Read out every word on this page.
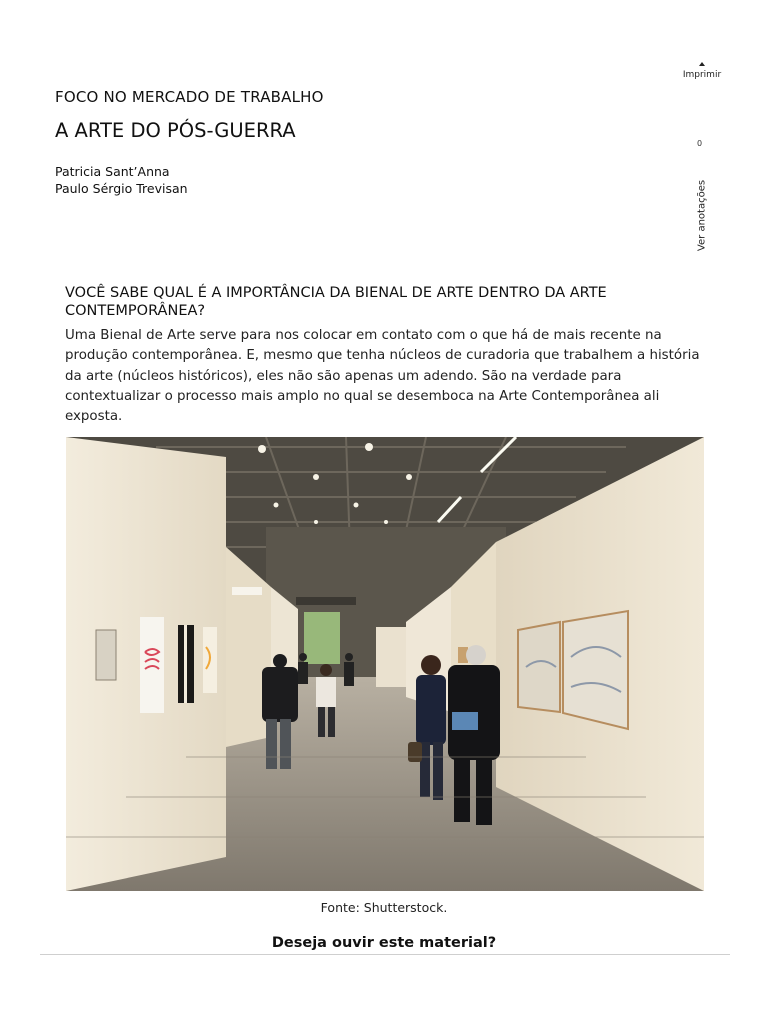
FOCO NO MERCADO DE TRABALHO
A ARTE DO PÓS-GUERRA
Patricia Sant’Anna
Paulo Sérgio Trevisan
Imprimir
0
Ver anotações
VOCÊ SABE QUAL É A IMPORTÂNCIA DA BIENAL DE ARTE DENTRO DA ARTE CONTEMPORÂNEA?
Uma Bienal de Arte serve para nos colocar em contato com o que há de mais recente na produção contemporânea. E, mesmo que tenha núcleos de curadoria que trabalhem a história da arte (núcleos históricos), eles não são apenas um adendo. São na verdade para contextualizar o processo mais amplo no qual se desemboca na Arte Contemporânea ali exposta.
Fonte: Shutterstock.
Deseja ouvir este material?
